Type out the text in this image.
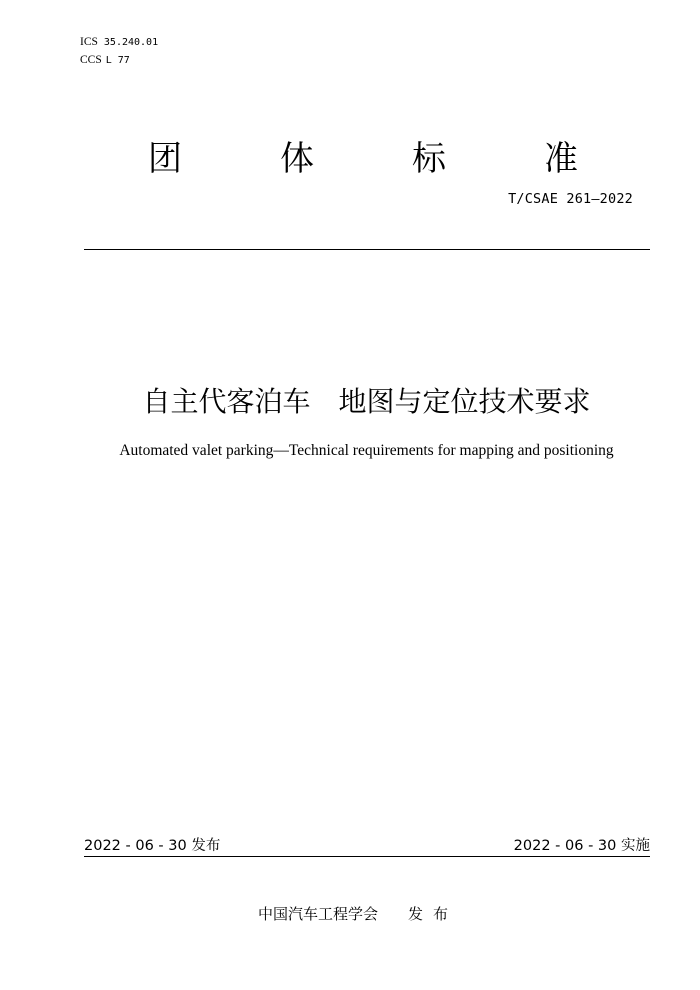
ICS 35.240.01
CCS L 77
团	体	标	准
T/CSAE 261—2022
自主代客泊车　地图与定位技术要求
Automated valet parking—Technical requirements for mapping and positioning
2022 - 06 - 30 发布	2022 - 06 - 30 实施
中国汽车工程学会 发布
